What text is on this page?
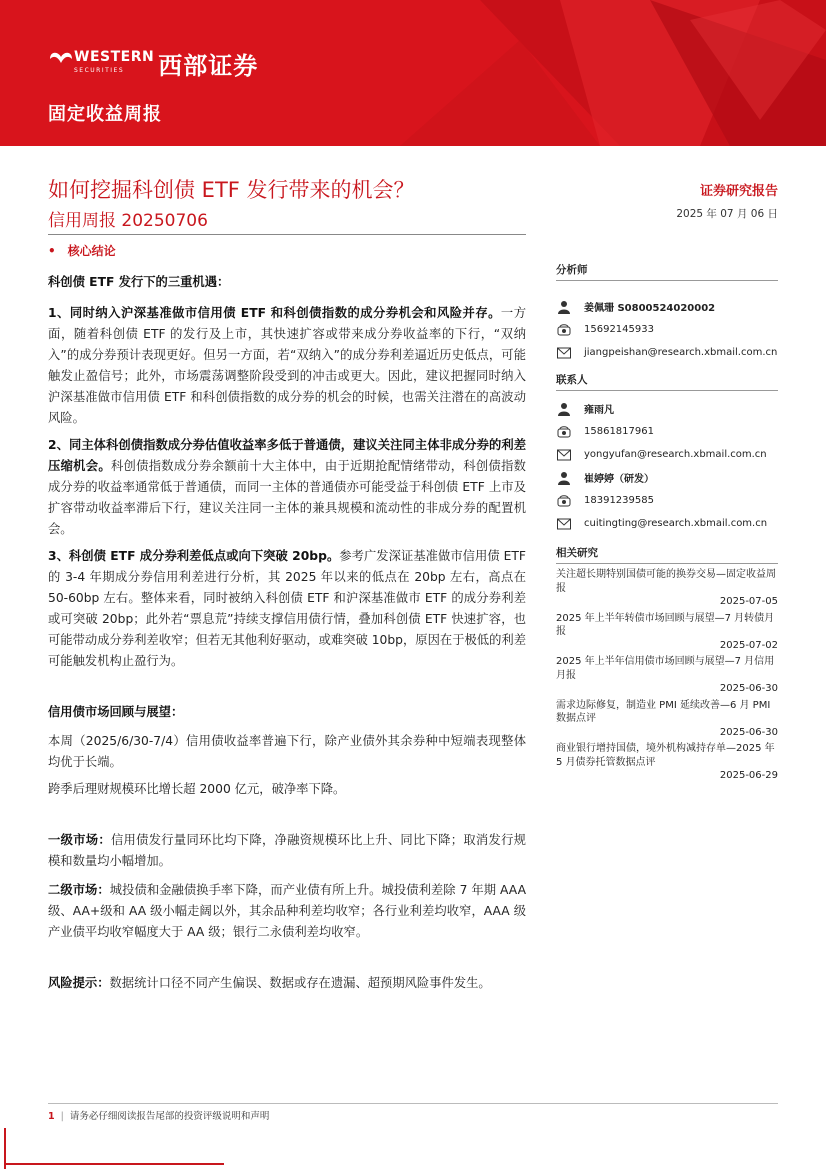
WESTERN
SECURITIES	西部证券
固定收益周报
如何挖掘科创债 ETF 发行带来的机会？
信用周报 20250706
证券研究报告
2025 年 07 月 06 日
• 核心结论

科创债 ETF 发行下的三重机遇：

1、同时纳入沪深基准做市信用债 ETF 和科创债指数的成分券机会和风险并存。一方面，随着科创债 ETF 的发行及上市，其快速扩容或带来成分券收益率的下行，“双纳入”的成分券预计表现更好。但另一方面，若“双纳入”的成分券利差逼近历史低点，可能触发止盈信号；此外，市场震荡调整阶段受到的冲击或更大。因此，建议把握同时纳入沪深基准做市信用债 ETF 和科创债指数的成分券的机会的时候，也需关注潜在的高波动风险。

2、同主体科创债指数成分券估值收益率多低于普通债，建议关注同主体非成分券的利差压缩机会。科创债指数成分券余额前十大主体中，由于近期抢配情绪带动，科创债指数成分券的收益率通常低于普通债，而同一主体的普通债亦可能受益于科创债 ETF 上市及扩容带动收益率滞后下行，建议关注同一主体的兼具规模和流动性的非成分券的配置机会。

3、科创债 ETF 成分券利差低点或向下突破 20bp。参考广发深证基准做市信用债 ETF 的 3-4 年期成分券信用利差进行分析，其 2025 年以来的低点在 20bp 左右，高点在 50-60bp 左右。整体来看，同时被纳入科创债 ETF 和沪深基准做市 ETF 的成分券利差或可突破 20bp；此外若“票息荒”持续支撑信用债行情，叠加科创债 ETF 快速扩容，也可能带动成分券利差收窄；但若无其他利好驱动，或难突破 10bp，原因在于极低的利差可能触发机构止盈行为。

信用债市场回顾与展望：

本周（2025/6/30-7/4）信用债收益率普遍下行，除产业债外其余券种中短端表现整体均优于长端。

跨季后理财规模环比增长超 2000 亿元，破净率下降。

一级市场：信用债发行量同环比均下降，净融资规模环比上升、同比下降；取消发行规模和数量均小幅增加。

二级市场：城投债和金融债换手率下降，而产业债有所上升。城投债利差除 7 年期 AAA 级、AA+级和 AA 级小幅走阔以外，其余品种利差均收窄；各行业利差均收窄，AAA 级产业债平均收窄幅度大于 AA 级；银行二永债利差均收窄。

风险提示：数据统计口径不同产生偏误、数据或存在遗漏、超预期风险事件发生。

分析师
姜佩珊 S0800524020002
15692145933
jiangpeishan@research.xbmail.com.cn
联系人
雍雨凡
15861817961
yongyufan@research.xbmail.com.cn
崔婷婷（研发）
18391239585
cuitingting@research.xbmail.com.cn
相关研究
关注超长期特别国债可能的换券交易—固定收益周报
2025-07-05
2025 年上半年转债市场回顾与展望—7 月转债月报
2025-07-02
2025 年上半年信用债市场回顾与展望—7 月信用月报
2025-06-30
需求边际修复，制造业 PMI 延续改善—6 月 PMI 数据点评
2025-06-30
商业银行增持国债，境外机构减持存单—2025 年 5 月债券托管数据点评
2025-06-29
1 | 请务必仔细阅读报告尾部的投资评级说明和声明
